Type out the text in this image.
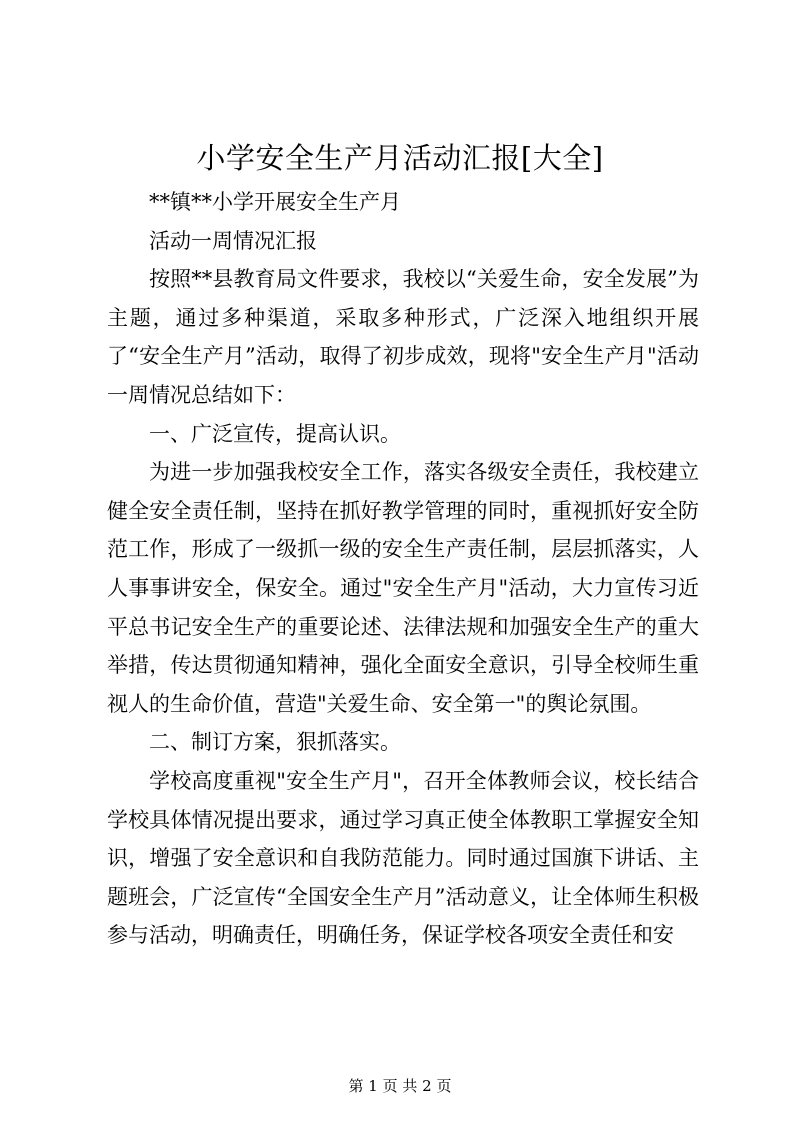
小学安全生产月活动汇报[大全]

**镇**小学开展安全生产月

活动一周情况汇报

按照**县教育局文件要求，我校以“关爱生命，安全发展”为主题，通过多种渠道，采取多种形式，广泛深入地组织开展了“安全生产月”活动，取得了初步成效，现将"安全生产月"活动一周情况总结如下：

一、广泛宣传，提高认识。

为进一步加强我校安全工作，落实各级安全责任，我校建立健全安全责任制，坚持在抓好教学管理的同时，重视抓好安全防范工作，形成了一级抓一级的安全生产责任制，层层抓落实，人人事事讲安全，保安全。通过"安全生产月"活动，大力宣传习近平总书记安全生产的重要论述、法律法规和加强安全生产的重大举措，传达贯彻通知精神，强化全面安全意识，引导全校师生重视人的生命价值，营造"关爱生命、安全第一"的舆论氛围。

二、制订方案，狠抓落实。

学校高度重视"安全生产月"，召开全体教师会议，校长结合学校具体情况提出要求，通过学习真正使全体教职工掌握安全知识，增强了安全意识和自我防范能力。同时通过国旗下讲话、主题班会，广泛宣传“全国安全生产月”活动意义，让全体师生积极参与活动，明确责任，明确任务，保证学校各项安全责任和安

第 1 页 共 2 页
